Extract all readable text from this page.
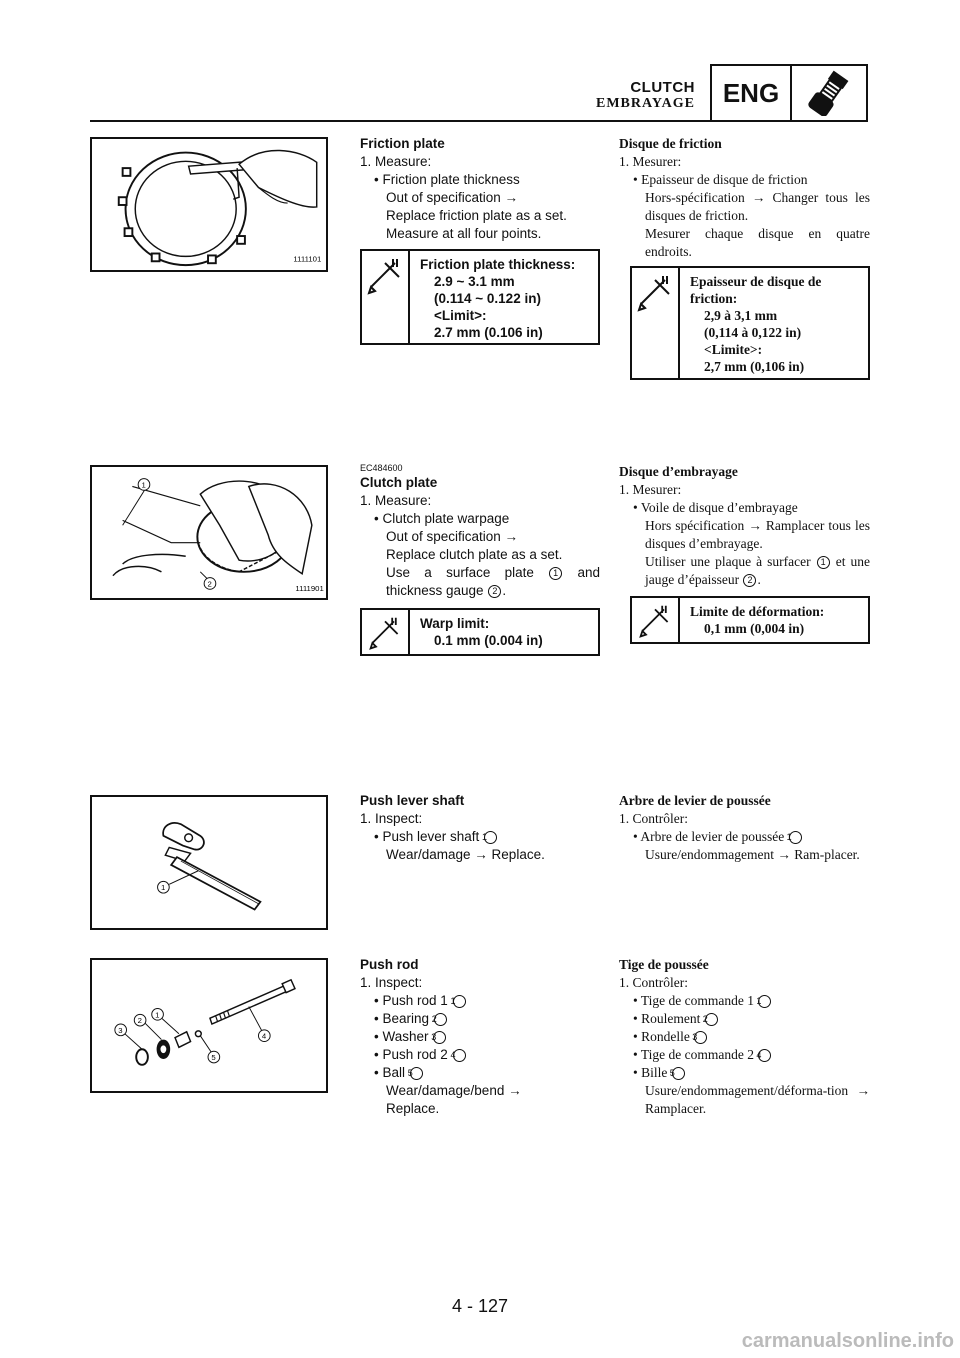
CLUTCH
EMBRAYAGE	ENG
1111101
Friction plate
1. Measure:
• Friction plate thickness
Out of specification →
Replace friction plate as a set.
Measure at all four points.
Friction plate thickness:
2.9 ~ 3.1 mm
(0.114 ~ 0.122 in)
<Limit>:
2.7 mm (0.106 in)
Disque de friction
1. Mesurer:
• Epaisseur de disque de friction
Hors-spécification → Changer tous les disques de friction.
Mesurer chaque disque en quatre endroits.
Epaisseur de disque de friction:
2,9 à 3,1 mm
(0,114 à 0,122 in)
<Limite>:
2,7 mm (0,106 in)
1
2
1111901
EC484600
Clutch plate
1. Measure:
• Clutch plate warpage
Out of specification →
Replace clutch plate as a set.
Use a surface plate 1 and thickness gauge 2 .
Warp limit:
0.1 mm (0.004 in)
Disque d’embrayage
1. Mesurer:
• Voile de disque d’embrayage
Hors spécification → Ramplacer tous les disques d’embrayage.
Utiliser une plaque à surfacer 1 et une jauge d’épaisseur 2 .
Limite de déformation:
0,1 mm (0,004 in)
1
Push lever shaft
1. Inspect:
• Push lever shaft 1
Wear/damage → Replace.
Arbre de levier de poussée
1. Contrôler:
• Arbre de levier de poussée 1
Usure/endommagement → Ram-placer.
1
2
3
4
5
Push rod
1. Inspect:
• Push rod 1 1
• Bearing 2
• Washer 3
• Push rod 2 4
• Ball 5
Wear/damage/bend →
Replace.
Tige de poussée
1. Contrôler:
• Tige de commande 1 1
• Roulement 2
• Rondelle 3
• Tige de commande 2 4
• Bille 5
Usure/endommagement/déforma-tion → Ramplacer.
4 - 127
carmanualsonline.info
